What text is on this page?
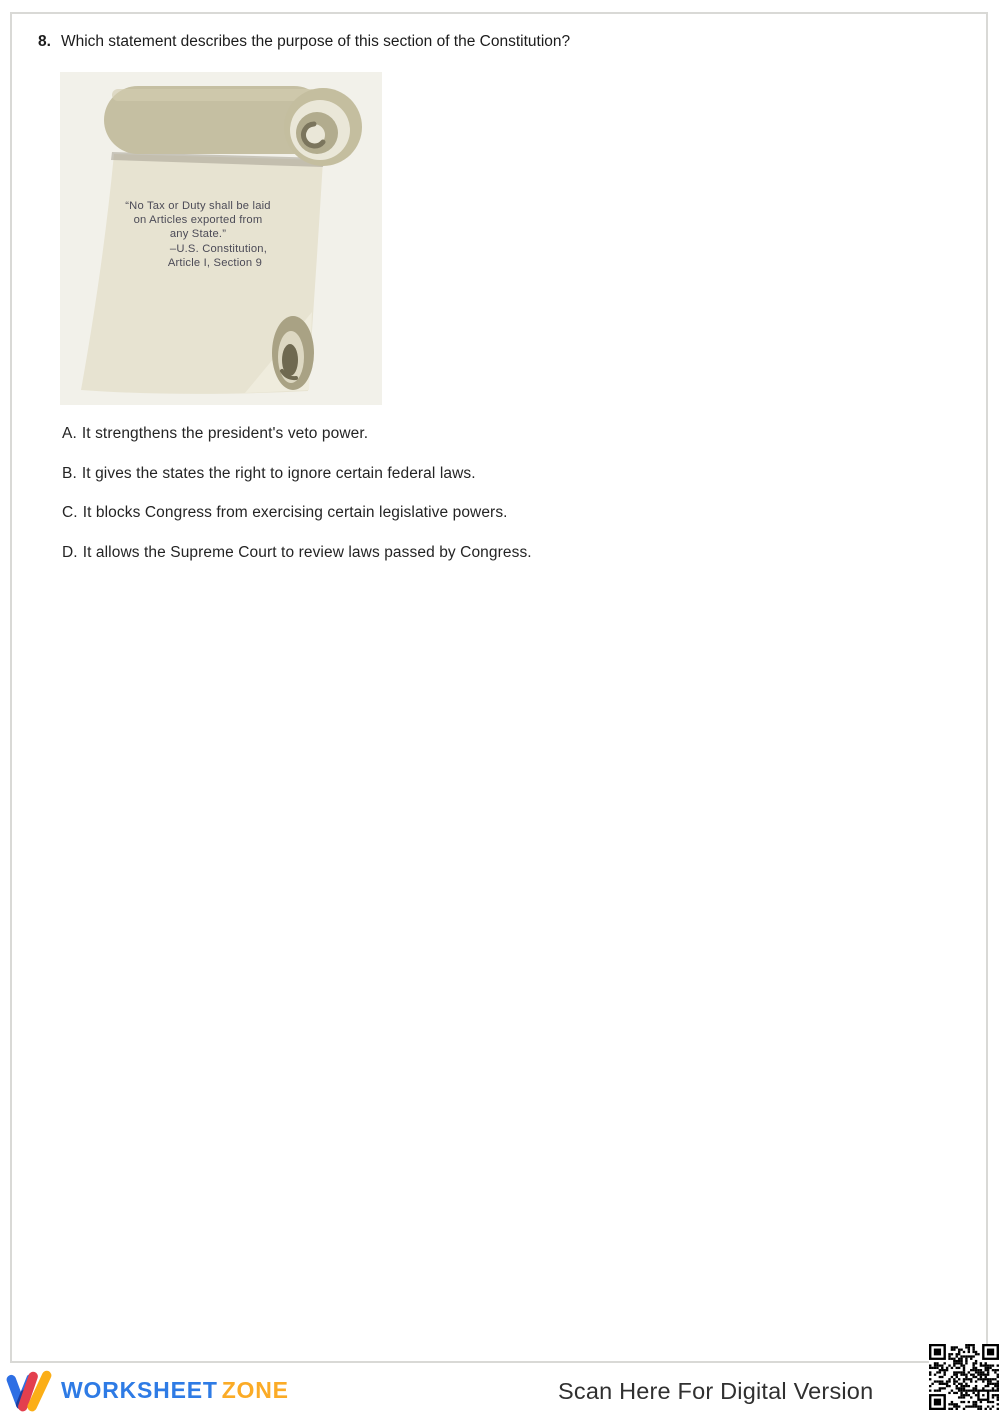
8. Which statement describes the purpose of this section of the Constitution?
“No Tax or Duty shall be laid
on Articles exported from
any State.”
–U.S. Constitution,
Article I, Section 9
A. It strengthens the president's veto power.
B. It gives the states the right to ignore certain federal laws.
C. It blocks Congress from exercising certain legislative powers.
D. It allows the Supreme Court to review laws passed by Congress.
WORKSHEET ZONE	Scan Here For Digital Version
